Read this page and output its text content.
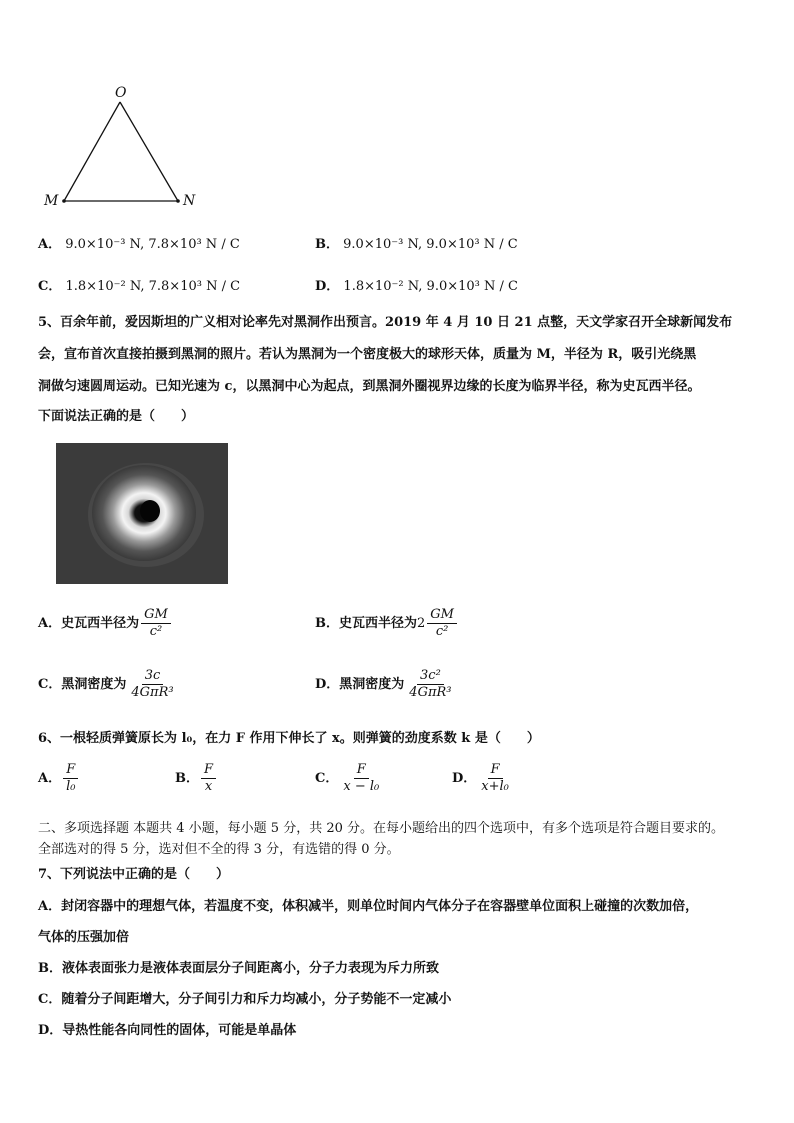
O
M	N
A． 9.0×10⁻³ N, 7.8×10³ N / C	B． 9.0×10⁻³ N, 9.0×10³ N / C
C． 1.8×10⁻² N, 7.8×10³ N / C	D． 1.8×10⁻² N, 9.0×10³ N / C
5、百余年前，爱因斯坦的广义相对论率先对黑洞作出预言。2019 年 4 月 10 日 21 点整，天文学家召开全球新闻发布
会，宣布首次直接拍摄到黑洞的照片。若认为黑洞为一个密度极大的球形天体，质量为 M，半径为 R，吸引光绕黑
洞做匀速圆周运动。已知光速为 c，以黑洞中心为起点，到黑洞外圈视界边缘的长度为临界半径，称为史瓦西半径。
下面说法正确的是（　　）
A．史瓦西半径为 $\frac{GM}{\text{c²}}$	B．史瓦西半径为$2 \frac{GM}{\text{c²}}$
C．黑洞密度为 $\frac{3c}{\text{4GπR³}}$	D．黑洞密度为 $\frac{\text{3c²}}{\text{4GπR³}}$
6、一根轻质弹簧原长为 l₀，在力 F 作用下伸长了 x。则弹簧的劲度系数 k 是（　　）
A． $\frac{F}{\text{l₀}}$	B． $\frac{F}{x}$	C． $\frac{F}{\text{x − l₀}}$	D． $\frac{F}{\text{x+l₀}}$
二、多项选择题 本题共 4 小题，每小题 5 分，共 20 分。在每小题给出的四个选项中，有多个选项是符合题目要求的。
全部选对的得 5 分，选对但不全的得 3 分，有选错的得 0 分。
7、下列说法中正确的是（　　）
A．封闭容器中的理想气体，若温度不变，体积减半，则单位时间内气体分子在容器壁单位面积上碰撞的次数加倍，
气体的压强加倍
B．液体表面张力是液体表面层分子间距离小，分子力表现为斥力所致
C．随着分子间距增大，分子间引力和斥力均减小，分子势能不一定减小
D．导热性能各向同性的固体，可能是单晶体
